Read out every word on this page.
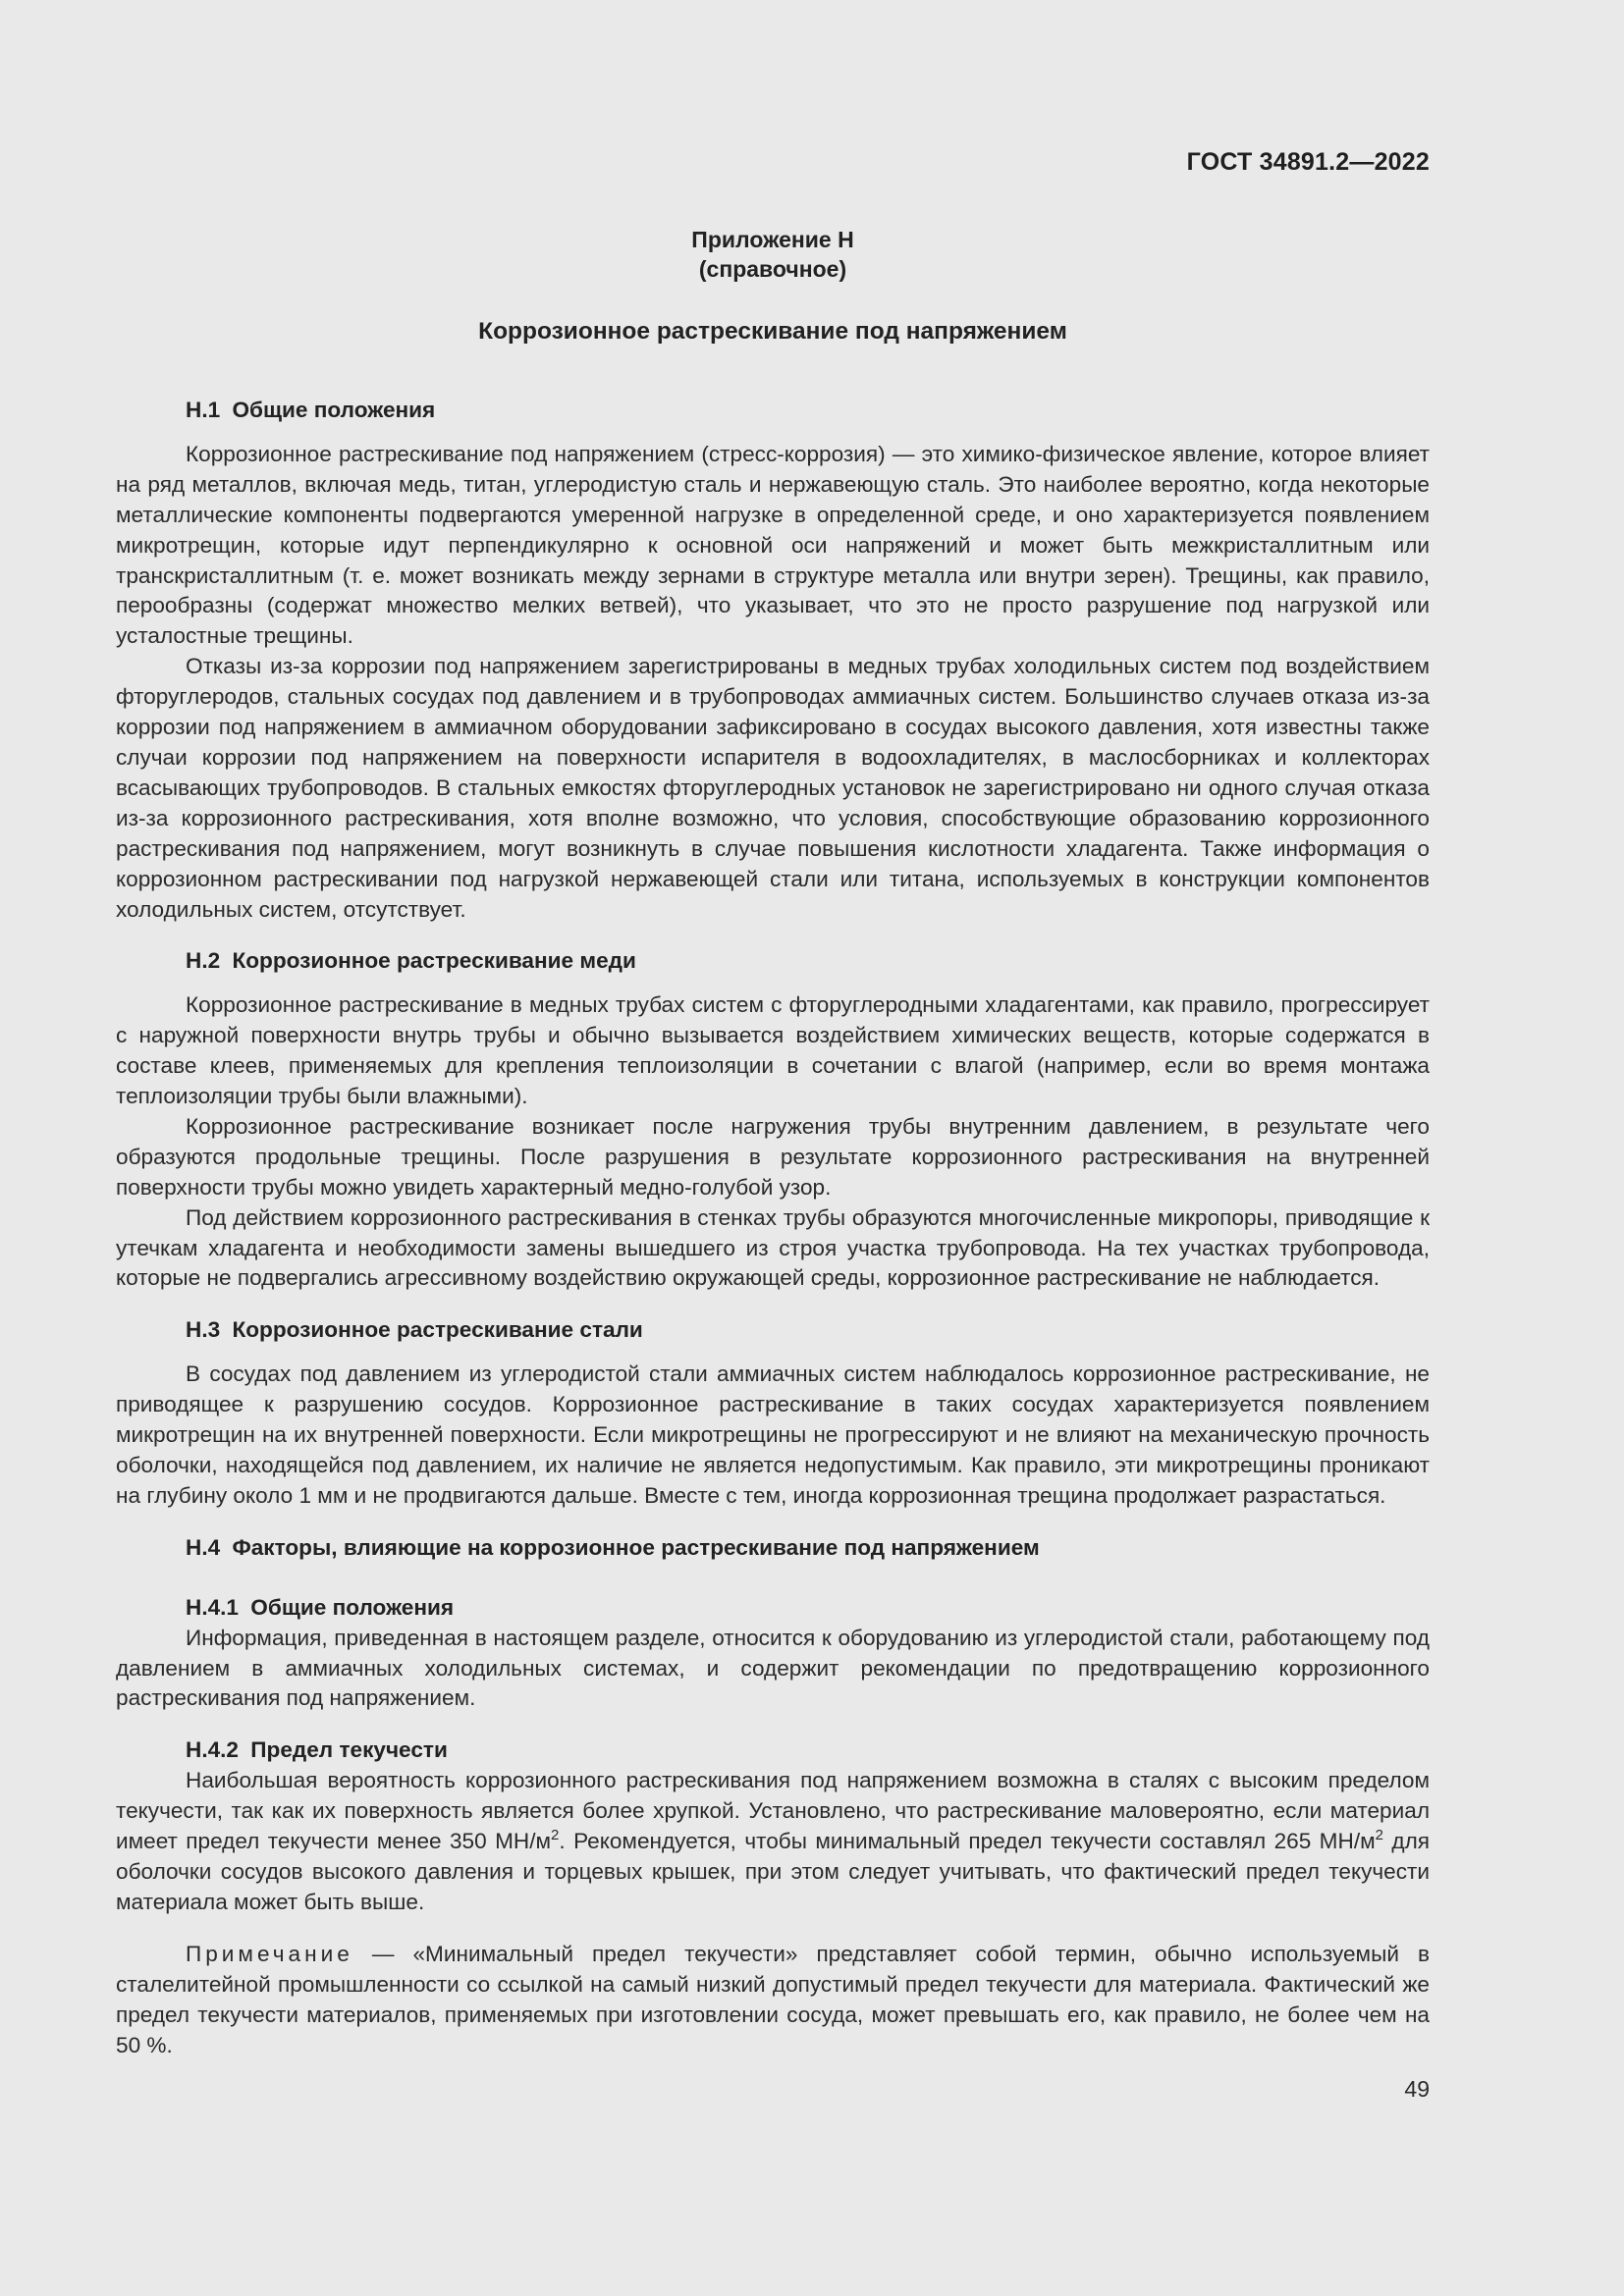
ГОСТ 34891.2—2022
Приложение Н
(справочное)
Коррозионное растрескивание под напряжением

Н.1 Общие положения

Коррозионное растрескивание под напряжением (стресс-коррозия) — это химико-физическое явление, которое влияет на ряд металлов, включая медь, титан, углеродистую сталь и нержавеющую сталь. Это наиболее вероятно, когда некоторые металлические компоненты подвергаются умеренной нагрузке в определенной среде, и оно характеризуется появлением микротрещин, которые идут перпендикулярно к основной оси напряжений и может быть межкристаллитным или транскристаллитным (т. е. может возникать между зернами в структуре металла или внутри зерен). Трещины, как правило, перообразны (содержат множество мелких ветвей), что указывает, что это не просто разрушение под нагрузкой или усталостные трещины.

Отказы из-за коррозии под напряжением зарегистрированы в медных трубах холодильных систем под воздействием фторуглеродов, стальных сосудах под давлением и в трубопроводах аммиачных систем. Большинство случаев отказа из-за коррозии под напряжением в аммиачном оборудовании зафиксировано в сосудах высокого давления, хотя известны также случаи коррозии под напряжением на поверхности испарителя в водоохладителях, в маслосборниках и коллекторах всасывающих трубопроводов. В стальных емкостях фторуглеродных установок не зарегистрировано ни одного случая отказа из-за коррозионного растрескивания, хотя вполне возможно, что условия, способствующие образованию коррозионного растрескивания под напряжением, могут возникнуть в случае повышения кислотности хладагента. Также информация о коррозионном растрескивании под нагрузкой нержавеющей стали или титана, используемых в конструкции компонентов холодильных систем, отсутствует.

Н.2 Коррозионное растрескивание меди

Коррозионное растрескивание в медных трубах систем с фторуглеродными хладагентами, как правило, прогрессирует с наружной поверхности внутрь трубы и обычно вызывается воздействием химических веществ, которые содержатся в составе клеев, применяемых для крепления теплоизоляции в сочетании с влагой (например, если во время монтажа теплоизоляции трубы были влажными).

Коррозионное растрескивание возникает после нагружения трубы внутренним давлением, в результате чего образуются продольные трещины. После разрушения в результате коррозионного растрескивания на внутренней поверхности трубы можно увидеть характерный медно-голубой узор.

Под действием коррозионного растрескивания в стенках трубы образуются многочисленные микропоры, приводящие к утечкам хладагента и необходимости замены вышедшего из строя участка трубопровода. На тех участках трубопровода, которые не подвергались агрессивному воздействию окружающей среды, коррозионное растрескивание не наблюдается.

Н.3 Коррозионное растрескивание стали

В сосудах под давлением из углеродистой стали аммиачных систем наблюдалось коррозионное растрескивание, не приводящее к разрушению сосудов. Коррозионное растрескивание в таких сосудах характеризуется появлением микротрещин на их внутренней поверхности. Если микротрещины не прогрессируют и не влияют на механическую прочность оболочки, находящейся под давлением, их наличие не является недопустимым. Как правило, эти микротрещины проникают на глубину около 1 мм и не продвигаются дальше. Вместе с тем, иногда коррозионная трещина продолжает разрастаться.

Н.4 Факторы, влияющие на коррозионное растрескивание под напряжением

Н.4.1 Общие положения

Информация, приведенная в настоящем разделе, относится к оборудованию из углеродистой стали, работающему под давлением в аммиачных холодильных системах, и содержит рекомендации по предотвращению коррозионного растрескивания под напряжением.

Н.4.2 Предел текучести

Наибольшая вероятность коррозионного растрескивания под напряжением возможна в сталях с высоким пределом текучести, так как их поверхность является более хрупкой. Установлено, что растрескивание маловероятно, если материал имеет предел текучести менее 350 $МН/м^2$. Рекомендуется, чтобы минимальный предел текучести составлял 265 $МН/м^2$ для оболочки сосудов высокого давления и торцевых крышек, при этом следует учитывать, что фактический предел текучести материала может быть выше.

Примечание — «Минимальный предел текучести» представляет собой термин, обычно используемый в сталелитейной промышленности со ссылкой на самый низкий допустимый предел текучести для материала. Фактический же предел текучести материалов, применяемых при изготовлении сосуда, может превышать его, как правило, не более чем на 50 %.

49
